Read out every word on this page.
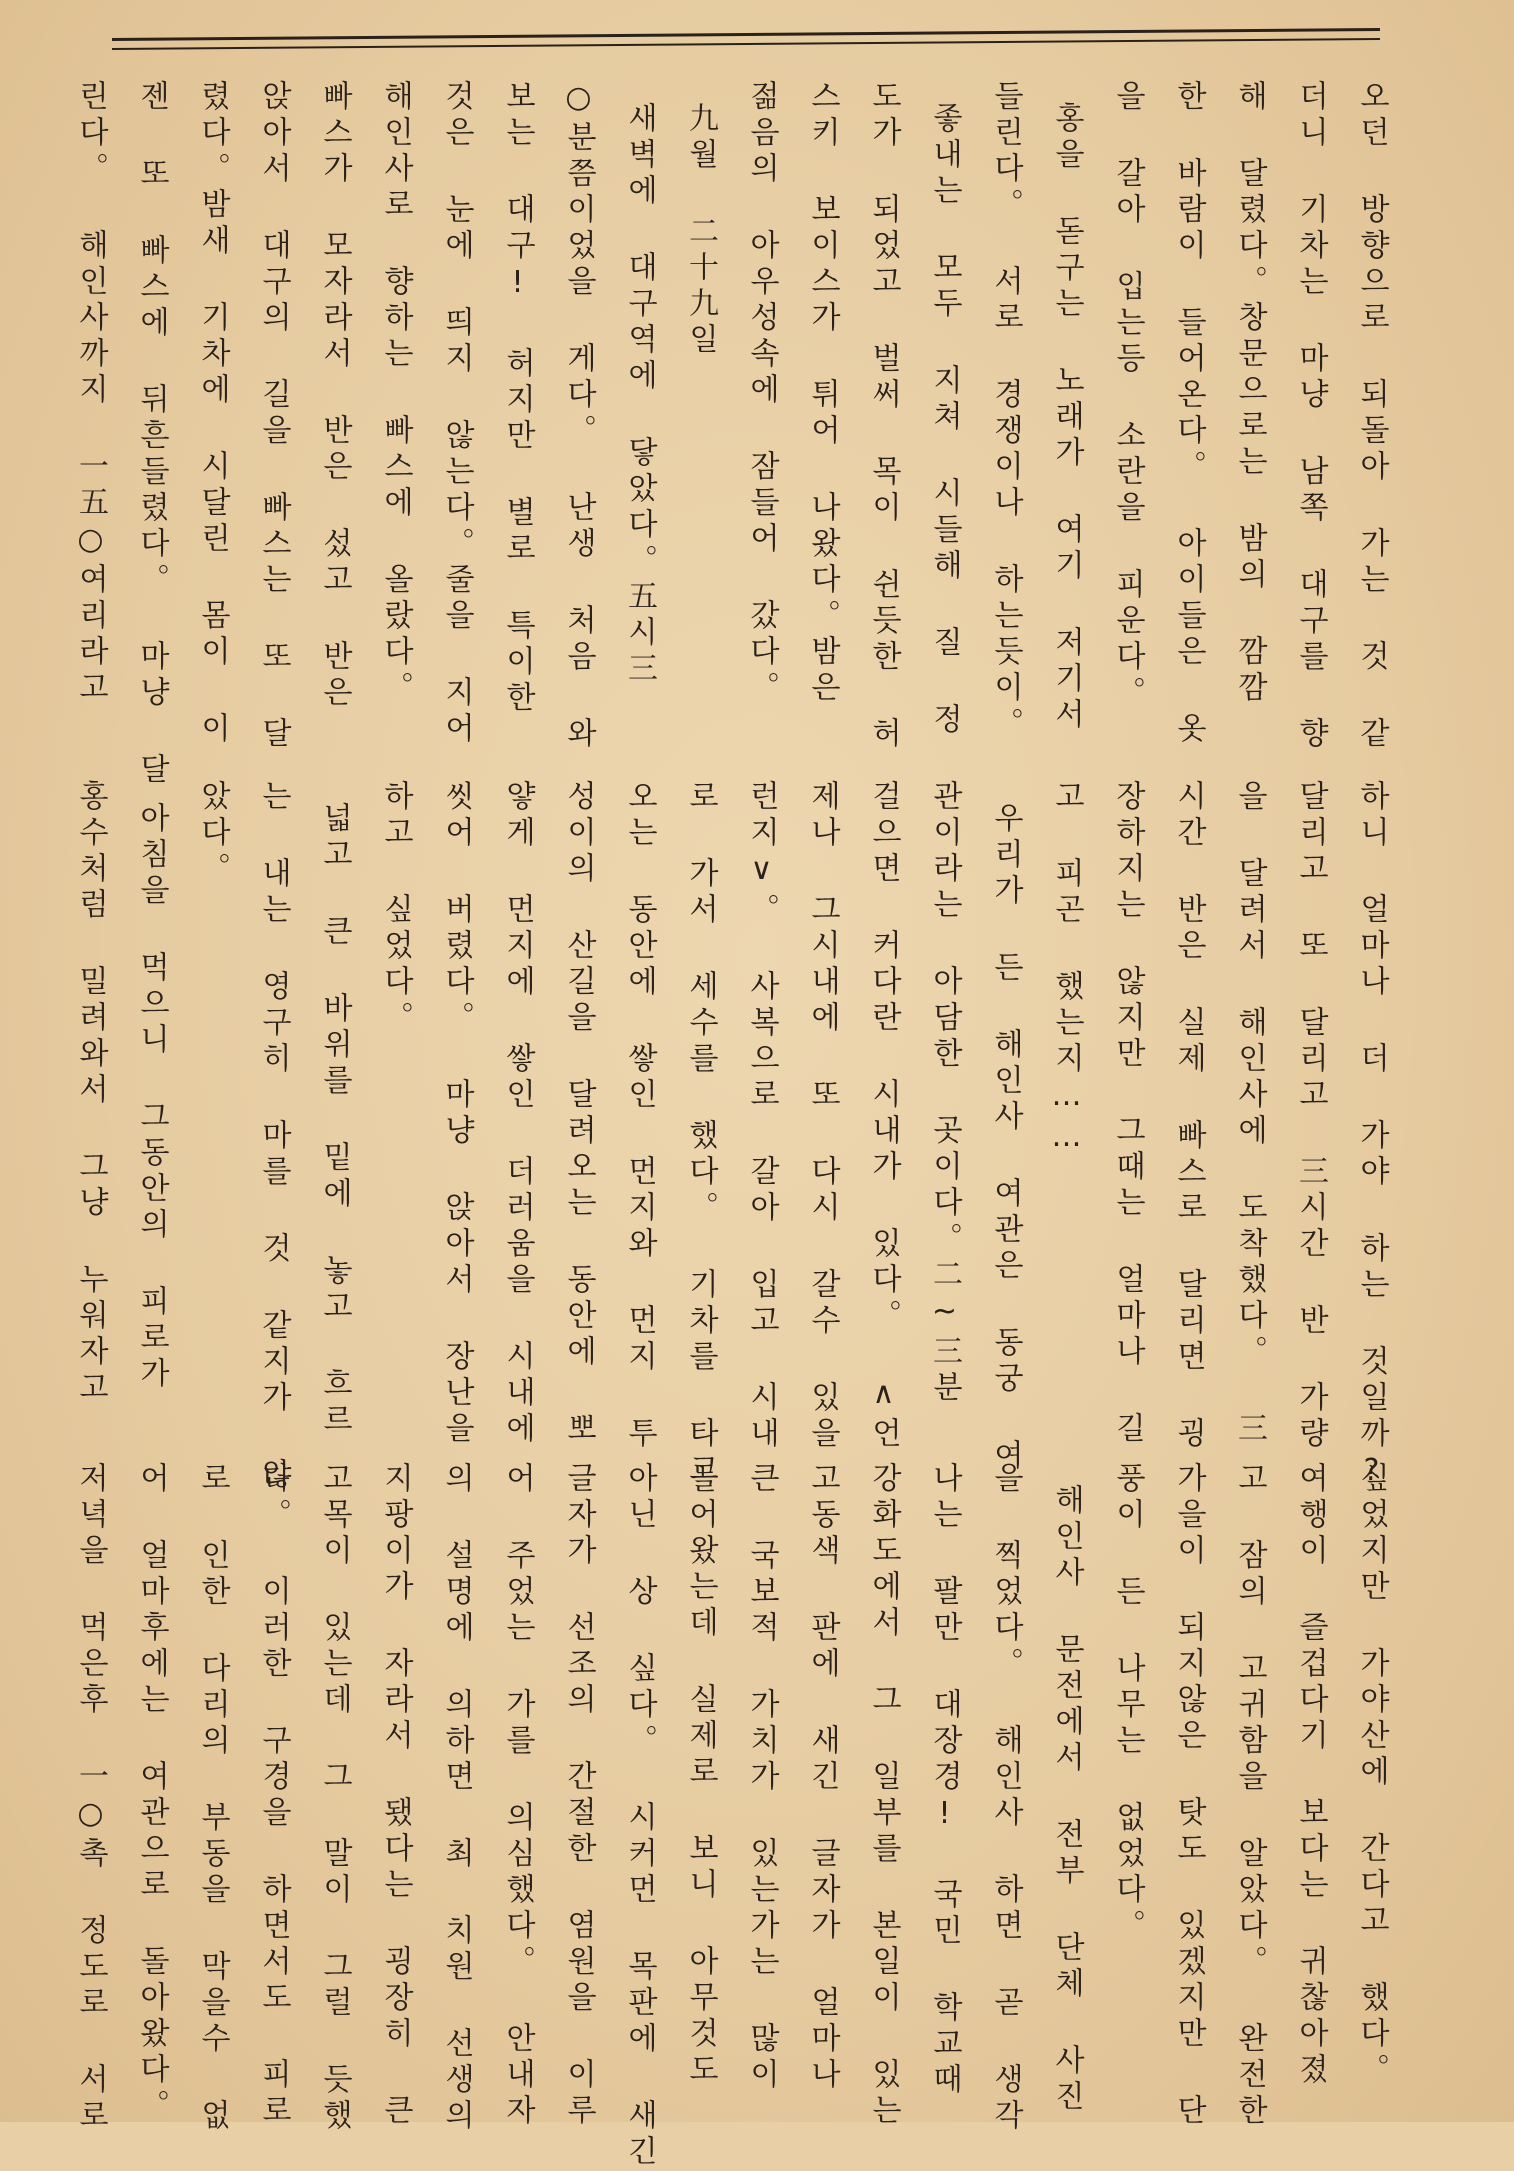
오던 방향으로 되돌아 가는 것 같

더니 기차는 마냥 남쪽 대구를 향

해 달렸다。창문으로는 밤의 깜깜

한 바람이 들어온다。 아이들은 옷

을 갈아 입는등 소란을 피운다。

홍을 돋구는 노래가 여기 저기서

들린다。 서로 경쟁이나 하는듯이。

좋내는 모두 지쳐 시들해 질 정

도가 되었고 벌써 목이 쉰듯한 허

스키 보이스가 튀어 나왔다。밤은

젊음의 아우성속에 잠들어 갔다。

九월 二十九일

새벽에 대구역에 닿았다。五시三

○분쯤이었을 게다。 난생 처음 와

보는 대구! 허지만 별로 특이한

것은 눈에 띄지 않는다。줄을 지어

해인사로 향하는 빠스에 올랐다。

빠스가 모자라서 반은 섰고 반은

앉아서 대구의 길을 빠스는 또 달

렸다。밤새 기차에 시달린 몸이 이

젠 또 빠스에 뒤흔들렸다。 마냥 달

린다。 해인사까지 一五○여리라고

하니 얼마나 더 가야 하는 것일까?

달리고 또 달리고 三시간 반 가량

을 달려서 해인사에 도착했다。 三

시간 반은 실제 빠스로 달리면 굉

장하지는 않지만 그때는 얼마나 길

고 피곤 했는지……

우리가 든 해인사 여관은 동궁 여

관이라는 아담한 곳이다。二~三분

걸으면 커다란 시내가 있다。 ∧언

제나 그시내에 또 다시 갈수 있을

런지∨。 사복으로 갈아 입고 시내

로 가서 세수를 했다。 기차를 타고

오는 동안에 쌓인 먼지와 먼지 투

성이의 산길을 달려오는 동안에 뽀

얗게 먼지에 쌓인 더러움을 시내에

씻어 버렸다。 마냥 앉아서 장난을

하고 싶었다。

넓고 큰 바위를 밑에 놓고 흐르

는 내는 영구히 마를 것 같지가 않

았다。

아침을 먹으니 그동안의 피로가

홍수처럼 밀려와서 그냥 누워자고

싶었지만 가야산에 간다고 했다。

여행이 즐겁다기 보다는 귀찮아졌

고 잠의 고귀함을 알았다。 완전한

가을이 되지않은 탓도 있겠지만 단

풍이 든 나무는 없었다。

해인사 문전에서 전부 단체 사진

을 찍었다。 해인사 하면 곧 생각

나는 팔만 대장경! 국민 학교때

강화도에서 그 일부를 본일이 있는

고동색 판에 새긴 글자가 얼마나

큰 국보적 가치가 있는가는 많이

들어왔는데 실제로 보니 아무것도

아닌 상 싶다。 시커먼 목판에 새긴

글자가 선조의 간절한 염원을 이루

어 주었는 가를 의심했다。 안내자

의 설명에 의하면 최 치원 선생의

지팡이가 자라서 됐다는 굉장히 큰

고목이 있는데 그 말이 그럴 듯했

다。 이러한 구경을 하면서도 피로

로 인한 다리의 부동을 막을수 없

어 얼마후에는 여관으로 돌아왔다。

저녁을 먹은후 一○촉 정도로 서로
